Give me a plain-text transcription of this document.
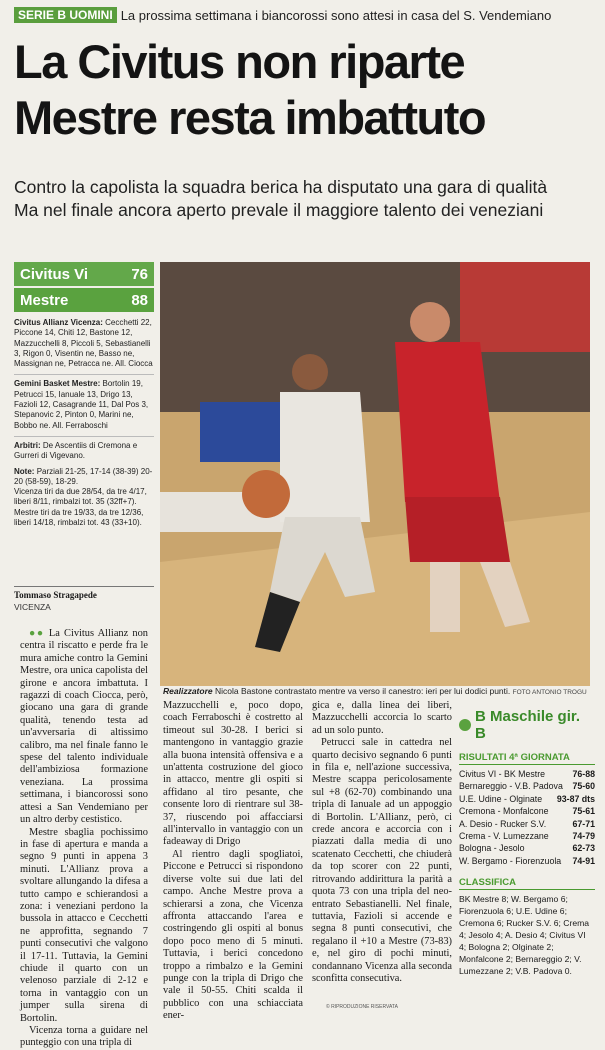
SERIE B UOMINI La prossima settimana i biancorossi sono attesi in casa del S. Vendemiano
La Civitus non riparte
Mestre resta imbattuto
Contro la capolista la squadra berica ha disputato una gara di qualità
Ma nel finale ancora aperto prevale il maggiore talento dei veneziani
Civitus Vi	76
Mestre	88

Civitus Allianz Vicenza: Cecchetti 22, Piccone 14, Chiti 12, Bastone 12, Mazzucchelli 8, Piccoli 5, Sebastianelli 3, Rigon 0, Visentin ne, Basso ne, Massignan ne, Petracca ne. All. Ciocca

Gemini Basket Mestre: Bortolin 19, Petrucci 15, Ianuale 13, Drigo 13, Fazioli 12, Casagrande 11, Dal Pos 3, Stepanovic 2, Pinton 0, Marini ne, Bobbo ne. All. Ferraboschi

Arbitri: De Ascentiis di Cremona e Gurreri di Vigevano.

Note: Parziali 21-25, 17-14 (38-39) 20-20 (58-59), 18-29.

Vicenza tiri da due 28/54, da tre 4/17, liberi 8/11, rimbalzi tot. 35 (32ff+7).

Mestre tiri da tre 19/33, da tre 12/36, liberi 14/18, rimbalzi tot. 43 (33+10).

Realizzatore Nicola Bastone contrastato mentre va verso il canestro: ieri per lui dodici punti. FOTO ANTONIO TROGU
Tommaso Stragapede
VICENZA

●● La Civitus Allianz non centra il riscatto e perde fra le mura amiche contro la Gemini Mestre, ora unica capolista del girone e ancora imbattuta. I ragazzi di coach Ciocca, però, giocano una gara di grande qualità, tenendo testa ad un'avversaria di altissimo calibro, ma nel finale fanno le spese del talento individuale dell'ambiziosa formazione veneziana. La prossima settimana, i biancorossi sono attesi a San Vendemiano per un altro derby cestistico.

Mestre sbaglia pochissimo in fase di apertura e manda a segno 9 punti in appena 3 minuti. L'Allianz prova a svoltare allungando la difesa a tutto campo e schierandosi a zona: i veneziani perdono la bussola in attacco e Cecchetti ne approfitta, segnando 7 punti consecutivi che valgono il 17-11. Tuttavia, la Gemini chiude il quarto con un velenoso parziale di 2-12 e torna in vantaggio con un jumper sulla sirena di Bortolin.

Vicenza torna a guidare nel punteggio con una tripla di

Mazzucchelli e, poco dopo, coach Ferraboschi è costretto al timeout sul 30-28. I berici si mantengono in vantaggio grazie alla buona intensità offensiva e a un'attenta costruzione del gioco in attacco, mentre gli ospiti si affidano al tiro pesante, che consente loro di rientrare sul 38-37, riuscendo poi affacciarsi all'intervallo in vantaggio con un fadeaway di Drigo

Al rientro dagli spogliatoi, Piccone e Petrucci si rispondono diverse volte sui due lati del campo. Anche Mestre prova a schierarsi a zona, che Vicenza affronta attaccando l'area e costringendo gli ospiti al bonus dopo poco meno di 5 minuti. Tuttavia, i berici concedono troppo a rimbalzo e la Gemini punge con la tripla di Drigo che vale il 50-55. Chiti scalda il pubblico con una schiacciata ener-

gica e, dalla linea dei liberi, Mazzucchelli accorcia lo scarto ad un solo punto.

Petrucci sale in cattedra nel quarto decisivo segnando 6 punti in fila e, nell'azione successiva, Mestre scappa pericolosamente sul +8 (62-70) combinando una tripla di Ianuale ad un appoggio di Bortolin. L'Allianz, però, ci crede ancora e accorcia con i piazzati dalla media di uno scatenato Cecchetti, che chiuderà da top scorer con 22 punti, ritrovando addirittura la parità a quota 73 con una tripla del neo-entrato Sebastianelli. Nel finale, tuttavia, Fazioli si accende e segna 8 punti consecutivi, che regalano il +10 a Mestre (73-83) e, nel giro di pochi minuti, condannano Vicenza alla seconda sconfitta consecutiva.

B Maschile gir. B
RISULTATI 4ª GIORNATA
Civitus VI - BK Mestre	76-88
Bernareggio - V.B. Padova 75-60
U.E. Udine - Olginate 93-87 dts
Cremona - Monfalcone	75-61
A. Desio - Rucker S.V.	67-71
Crema - V. Lumezzane	74-79
Bologna - Jesolo	62-73
W. Bergamo - Fiorenzuola 74-91
CLASSIFICA
BK Mestre 8; W. Bergamo 6; Fiorenzuola 6; U.E. Udine 6; Cremona 6; Rucker S.V. 6; Crema 4; Jesolo 4; A. Desio 4; Civitus VI 4; Bologna 2; Olginate 2; Monfalcone 2; Bernareggio 2; V. Lumezzane 2; V.B. Padova 0.
© RIPRODUZIONE RISERVATA
